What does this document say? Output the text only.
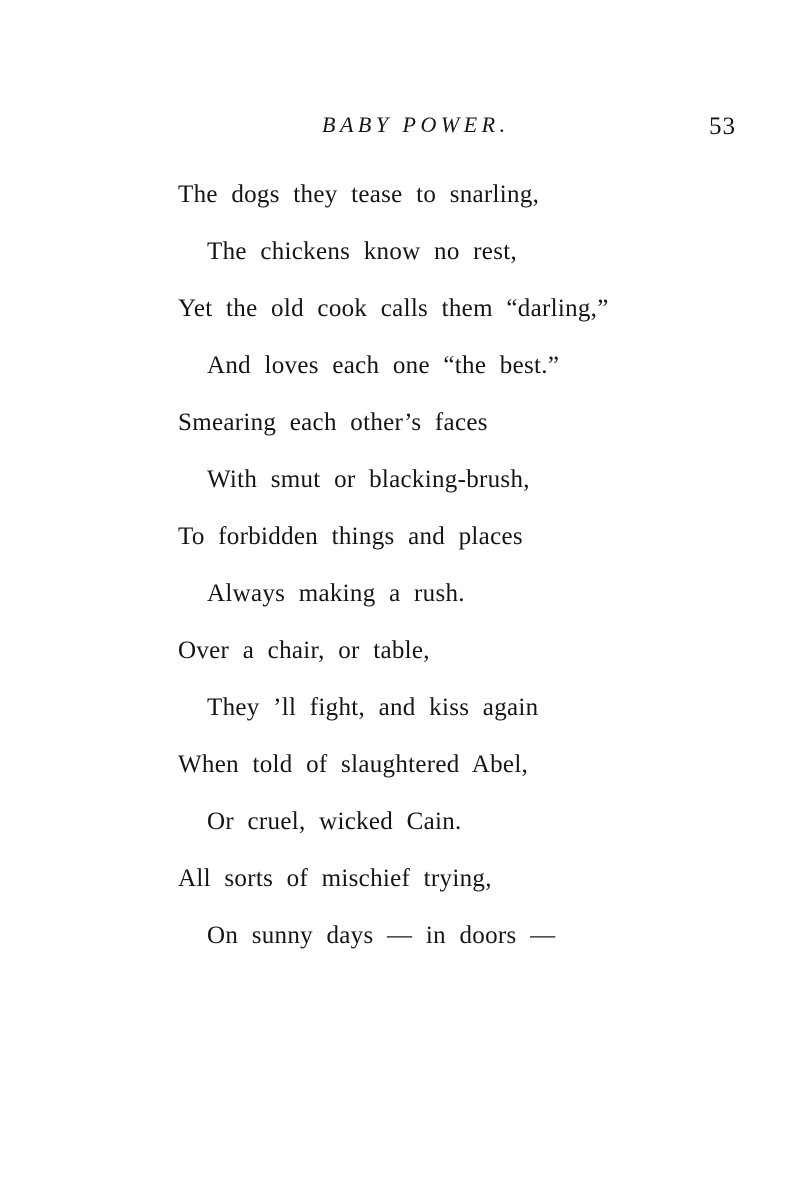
BABY POWER.	53
The dogs they tease to snarling,
The chickens know no rest,
Yet the old cook calls them “darling,”
And loves each one “the best.”
Smearing each other’s faces
With smut or blacking-brush,
To forbidden things and places
Always making a rush.
Over a chair, or table,
They ’ll fight, and kiss again
When told of slaughtered Abel,
Or cruel, wicked Cain.
All sorts of mischief trying,
On sunny days — in doors —
